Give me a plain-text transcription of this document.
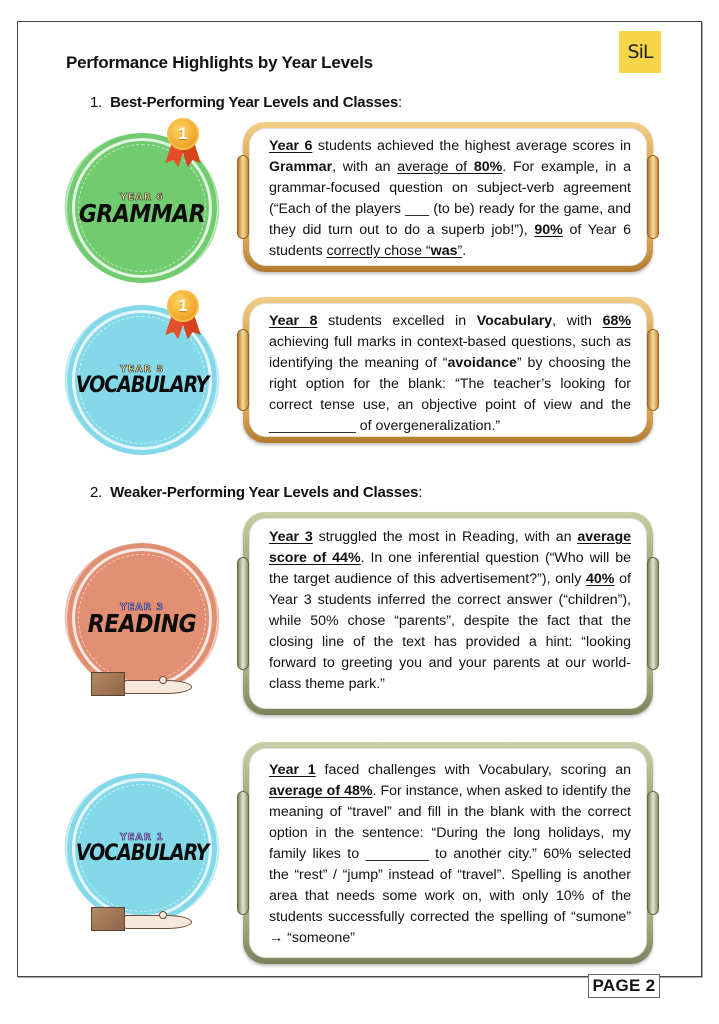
SiL
Performance Highlights by Year Levels
1. Best-Performing Year Levels and Classes:
YEAR 6
GRAMMAR
1
Year 6 students achieved the highest average scores in Grammar, with an average of 80%. For example, in a grammar-focused question on subject-verb agreement (“Each of the players ___ (to be) ready for the game, and they did turn out to do a superb job!”), 90% of Year 6 students correctly chose “was”.
YEAR 8
VOCABULARY
1
Year 8 students excelled in Vocabulary, with 68% achieving full marks in context-based questions, such as identifying the meaning of “avoidance” by choosing the right option for the blank: “The teacher’s looking for correct tense use, an objective point of view and the ___________ of overgeneralization.”
2. Weaker-Performing Year Levels and Classes:
YEAR 3
READING
Year 3 struggled the most in Reading, with an average score of 44%. In one inferential question (“Who will be the target audience of this advertisement?”), only 40% of Year 3 students inferred the correct answer (“children”), while 50% chose “parents”, despite the fact that the closing line of the text has provided a hint: “looking forward to greeting you and your parents at our world-class theme park.”
YEAR 1
VOCABULARY
Year 1 faced challenges with Vocabulary, scoring an average of 48%. For instance, when asked to identify the meaning of “travel” and fill in the blank with the correct option in the sentence: “During the long holidays, my family likes to ________ to another city.” 60% selected the “rest” / “jump” instead of “travel”. Spelling is another area that needs some work on, with only 10% of the students successfully corrected the spelling of “sumone” → “someone”
PAGE 2
